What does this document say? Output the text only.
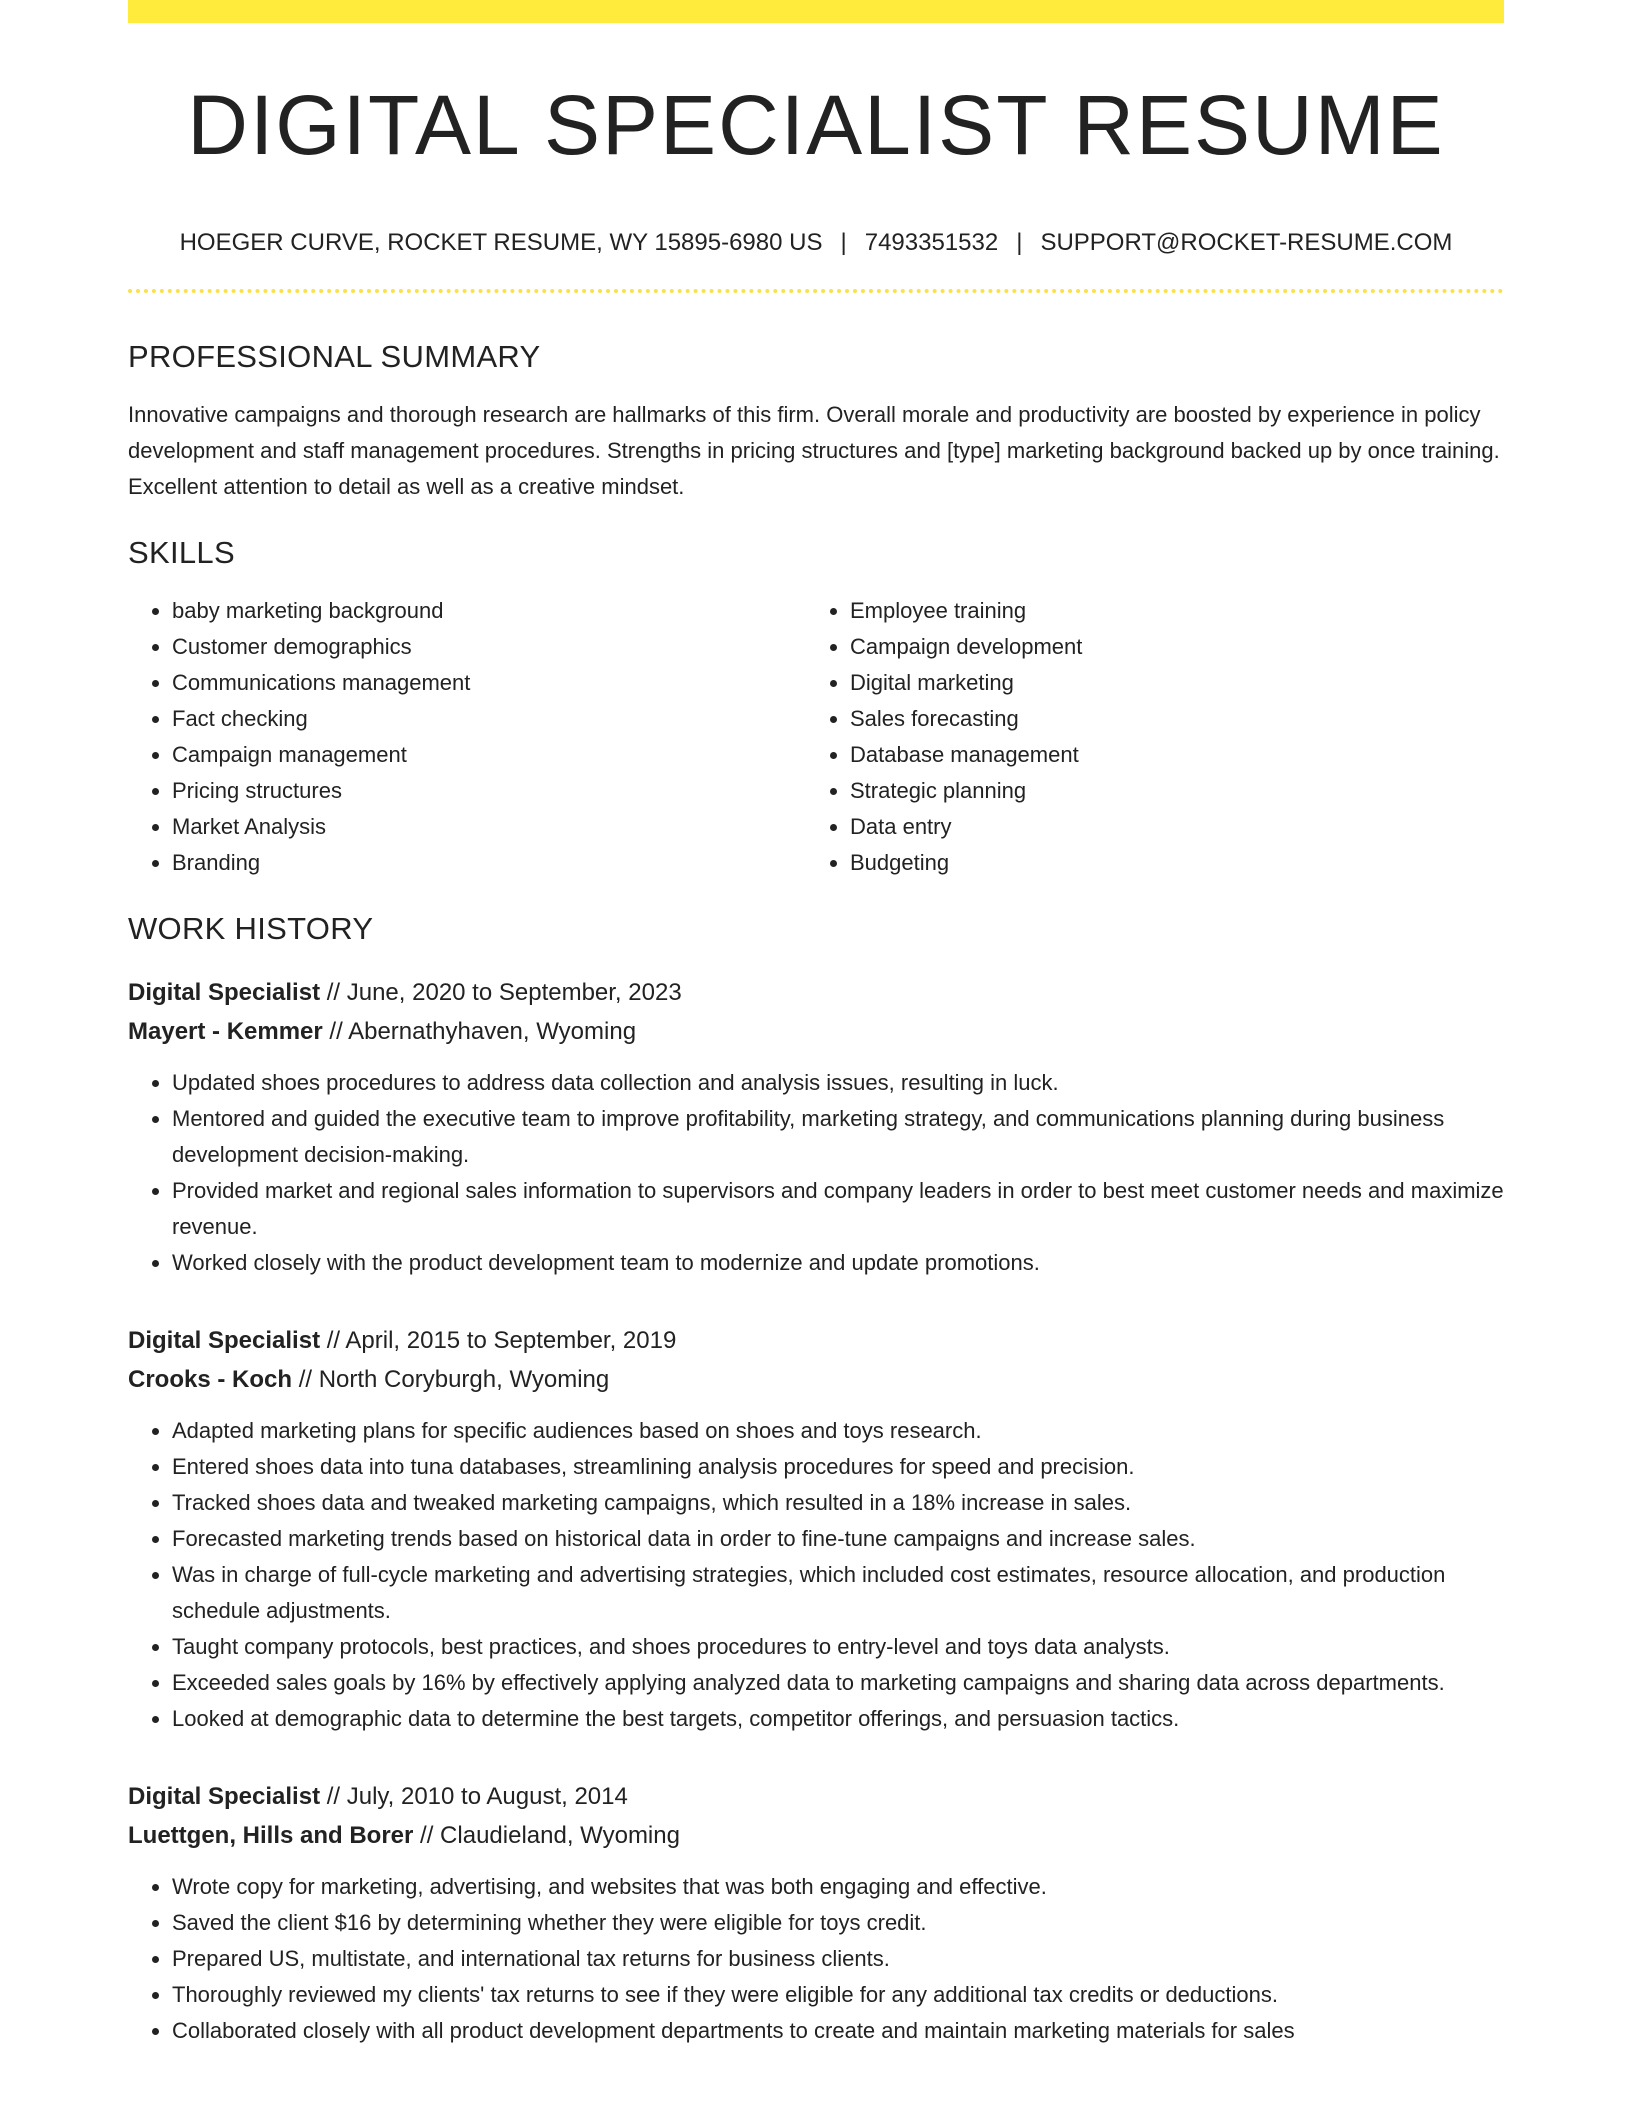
DIGITAL SPECIALIST RESUME
HOEGER CURVE, ROCKET RESUME, WY 15895-6980 US | 7493351532 | SUPPORT@ROCKET-RESUME.COM
PROFESSIONAL SUMMARY

Innovative campaigns and thorough research are hallmarks of this firm. Overall morale and productivity are boosted by experience in policy development and staff management procedures. Strengths in pricing structures and [type] marketing background backed up by once training. Excellent attention to detail as well as a creative mindset.

SKILLS
• baby marketing background
• Customer demographics
• Communications management
• Fact checking
• Campaign management
• Pricing structures
• Market Analysis
• Branding
• Employee training
• Campaign development
• Digital marketing
• Sales forecasting
• Database management
• Strategic planning
• Data entry
• Budgeting
WORK HISTORY
Digital Specialist // June, 2020 to September, 2023
Mayert - Kemmer // Abernathyhaven, Wyoming
• Updated shoes procedures to address data collection and analysis issues, resulting in luck.
• Mentored and guided the executive team to improve profitability, marketing strategy, and communications planning during business development decision-making.
• Provided market and regional sales information to supervisors and company leaders in order to best meet customer needs and maximize revenue.
• Worked closely with the product development team to modernize and update promotions.
Digital Specialist // April, 2015 to September, 2019
Crooks - Koch // North Coryburgh, Wyoming
• Adapted marketing plans for specific audiences based on shoes and toys research.
• Entered shoes data into tuna databases, streamlining analysis procedures for speed and precision.
• Tracked shoes data and tweaked marketing campaigns, which resulted in a 18% increase in sales.
• Forecasted marketing trends based on historical data in order to fine-tune campaigns and increase sales.
• Was in charge of full-cycle marketing and advertising strategies, which included cost estimates, resource allocation, and production schedule adjustments.
• Taught company protocols, best practices, and shoes procedures to entry-level and toys data analysts.
• Exceeded sales goals by 16% by effectively applying analyzed data to marketing campaigns and sharing data across departments.
• Looked at demographic data to determine the best targets, competitor offerings, and persuasion tactics.
Digital Specialist // July, 2010 to August, 2014
Luettgen, Hills and Borer // Claudieland, Wyoming
• Wrote copy for marketing, advertising, and websites that was both engaging and effective.
• Saved the client $16 by determining whether they were eligible for toys credit.
• Prepared US, multistate, and international tax returns for business clients.
• Thoroughly reviewed my clients' tax returns to see if they were eligible for any additional tax credits or deductions.
• Collaborated closely with all product development departments to create and maintain marketing materials for sales
